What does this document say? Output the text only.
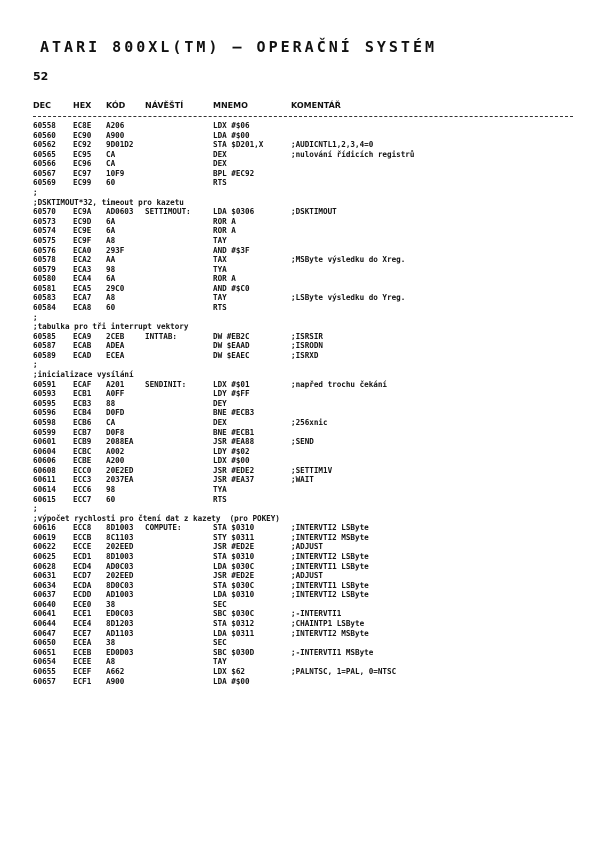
ATARI 800XL(TM) — OPERAČNÍ SYSTÉM
52
DEC	HEX KÓD NÁVĚŠTÍ	MNEMO	KOMENTÁŘ
60558 EC8E A206	LDX #$06
60560 EC90 A900	LDA #$00
60562 EC92 9D01D2	STA $D201,X	;AUDICNTL1,2,3,4=0
60565 EC95 CA	DEX	;nulování řídicích registrů
60566 EC96 CA	DEX
60567 EC97 10F9	BPL #EC92
60569 EC99 60	RTS
;
;DSKTIMOUT*32, timeout pro kazetu
60570 EC9A AD0603 SETTIMOUT:	LDA $0306	;DSKTIMOUT
60573 EC9D 6A	ROR A
60574 EC9E 6A	ROR A
60575 EC9F A8	TAY
60576 ECA0 293F	AND #$3F
60578 ECA2 AA	TAX	;MSByte výsledku do Xreg.
60579 ECA3 98	TYA
60580 ECA4 6A	ROR A
60581 ECA5 29C0	AND #$C0
60583 ECA7 A8	TAY	;LSByte výsledku do Yreg.
60584 ECA8 60	RTS
;
;tabulka pro tři interrupt vektory
60585 ECA9 2CEB	INTTAB:	DW #EB2C	;ISRSIR
60587 ECAB ADEA	DW $EAAD	;ISRODN
60589 ECAD ECEA	DW $EAEC	;ISRXD
;
;inicializace vysílání
60591 ECAF A201	SENDINIT:	LDX #$01	;napřed trochu čekání
60593 ECB1 A0FF	LDY #$FF
60595 ECB3 88	DEY
60596 ECB4 D0FD	BNE #ECB3
60598 ECB6 CA	DEX	;256xnic
60599 ECB7 D0F8	BNE #ECB1
60601 ECB9 2088EA	JSR #EA88	;SEND
60604 ECBC A002	LDY #$02
60606 ECBE A200	LDX #$00
60608 ECC0 20E2ED	JSR #EDE2	;SETTIM1V
60611 ECC3 2037EA	JSR #EA37	;WAIT
60614 ECC6 98	TYA
60615 ECC7 60	RTS
;
;výpočet rychlosti pro čtení dat z kazety  (pro POKEY)
60616 ECC8 8D1003 COMPUTE:	STA $0310	;INTERVTI2 LSByte
60619 ECCB 8C1103	STY $0311	;INTERVTI2 MSByte
60622 ECCE 202EED	JSR #ED2E	;ADJUST
60625 ECD1 8D1003	STA $0310	;INTERVTI2 LSByte
60628 ECD4 AD0C03	LDA $030C	;INTERVTI1 LSByte
60631 ECD7 202EED	JSR #ED2E	;ADJUST
60634 ECDA 8D0C03	STA $030C	;INTERVTI1 LSByte
60637 ECDD AD1003	LDA $0310	;INTERVTI2 LSByte
60640 ECE0 38	SEC
60641 ECE1 ED0C03	SBC $030C	;-INTERVTI1
60644 ECE4 8D1203	STA $0312	;CHAINTP1 LSByte
60647 ECE7 AD1103	LDA $0311	;INTERVTI2 MSByte
60650 ECEA 38	SEC
60651 ECEB ED0D03	SBC $030D	;-INTERVTI1 MSByte
60654 ECEE A8	TAY
60655 ECEF A662	LDX $62	;PALNTSC, 1=PAL, 0=NTSC
60657 ECF1 A900	LDA #$00
